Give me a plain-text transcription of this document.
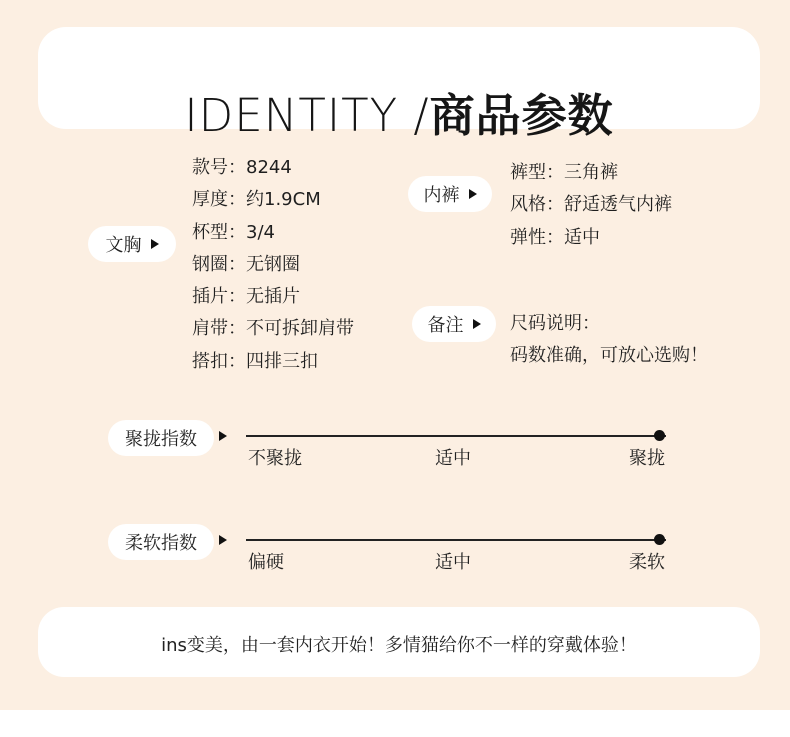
IDENTITY /商品参数
文胸
款号：8244
厚度：约1.9CM
杯型：3/4
钢圈：无钢圈
插片：无插片
肩带：不可拆卸肩带
搭扣：四排三扣
内裤
裤型：三角裤
风格：舒适透气内裤
弹性：适中
备注	尺码说明：
码数准确，可放心选购！
聚拢指数
不聚拢	适中	聚拢
柔软指数
偏硬	适中	柔软
ins变美，由一套内衣开始！多情猫给你不一样的穿戴体验！
